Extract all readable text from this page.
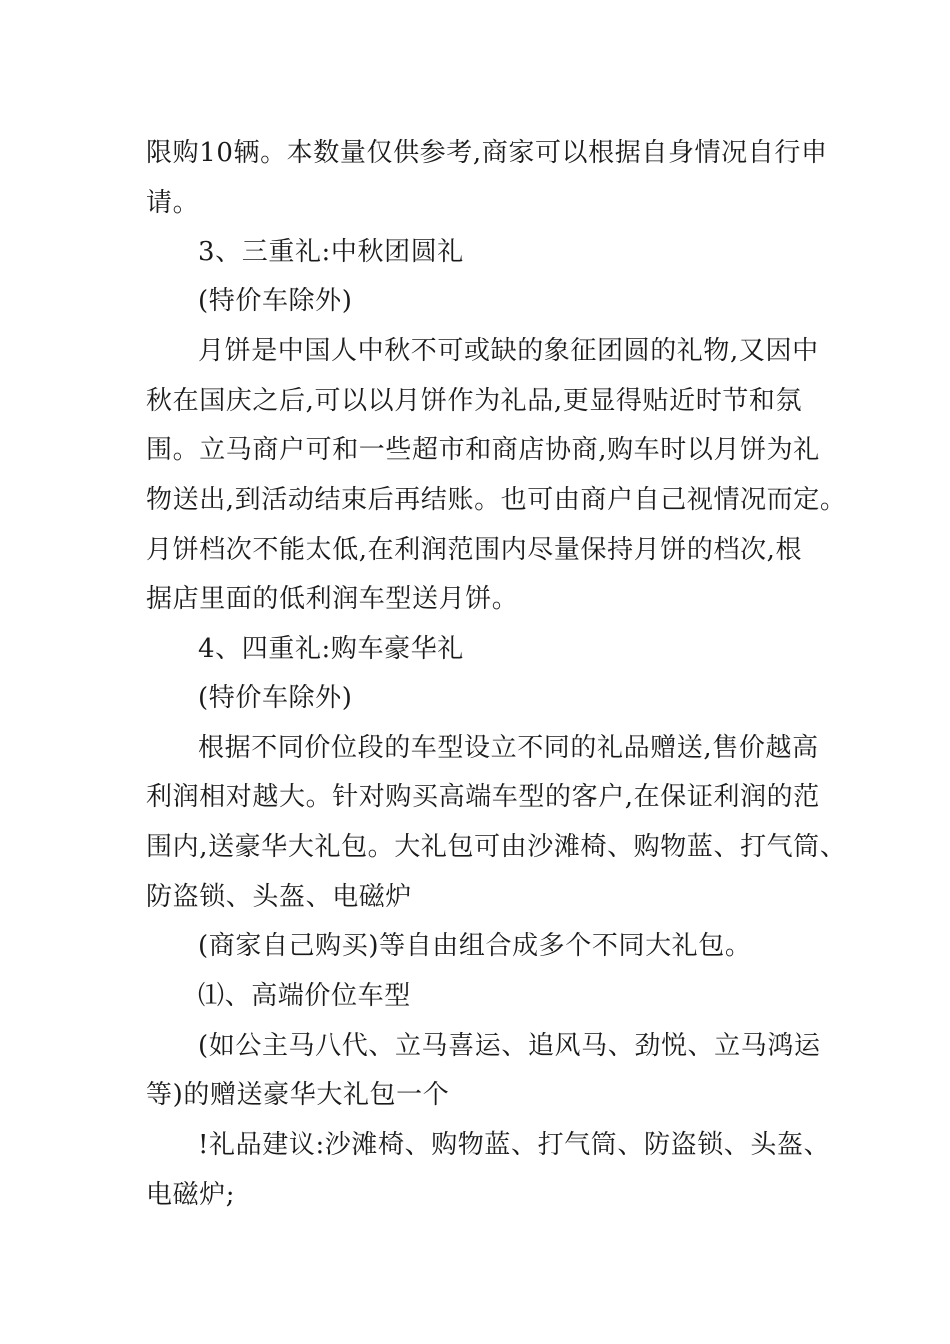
限购10辆。本数量仅供参考,商家可以根据自身情况自行申
请。
3、三重礼:中秋团圆礼
(特价车除外)
月饼是中国人中秋不可或缺的象征团圆的礼物,又因中
秋在国庆之后,可以以月饼作为礼品,更显得贴近时节和氛
围。立马商户可和一些超市和商店协商,购车时以月饼为礼
物送出,到活动结束后再结账。也可由商户自己视情况而定。
月饼档次不能太低,在利润范围内尽量保持月饼的档次,根
据店里面的低利润车型送月饼。
4、四重礼:购车豪华礼
(特价车除外)
根据不同价位段的车型设立不同的礼品赠送,售价越高
利润相对越大。针对购买高端车型的客户,在保证利润的范
围内,送豪华大礼包。大礼包可由沙滩椅、购物蓝、打气筒、
防盗锁、头盔、电磁炉
(商家自己购买)等自由组合成多个不同大礼包。
⑴、高端价位车型
(如公主马八代、立马喜运、追风马、劲悦、立马鸿运
等)的赠送豪华大礼包一个
!礼品建议:沙滩椅、购物蓝、打气筒、防盗锁、头盔、
电磁炉;
